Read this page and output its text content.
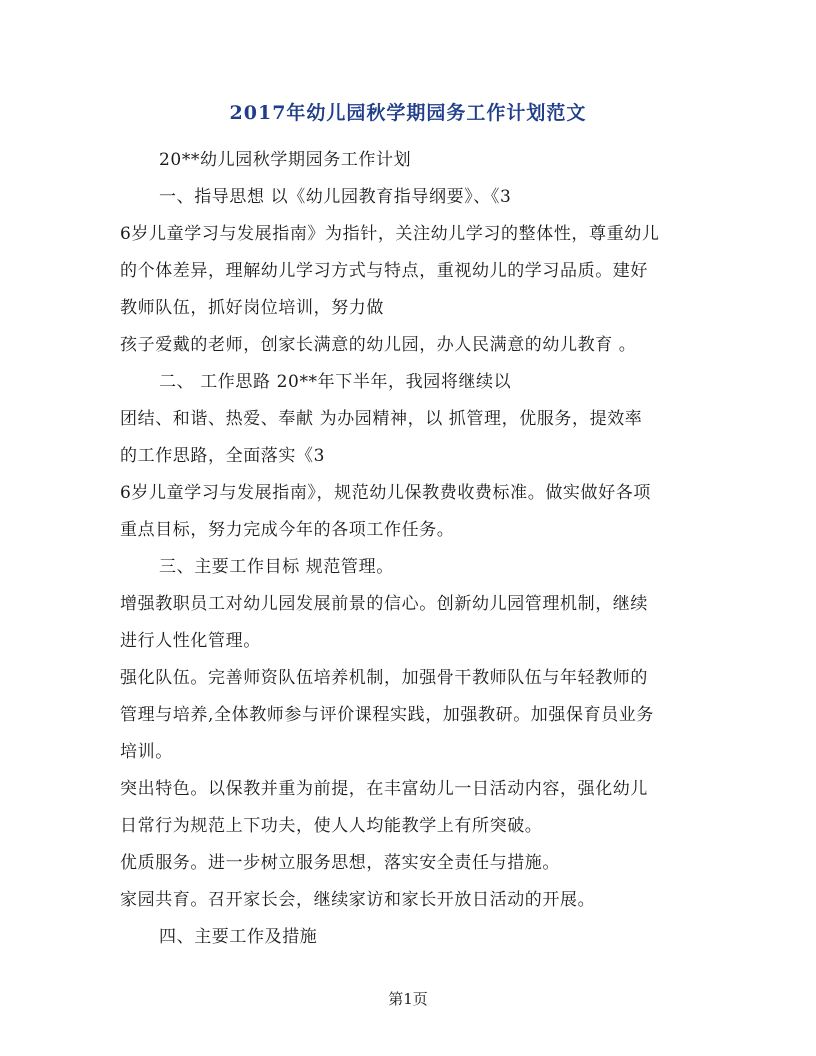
2017年幼儿园秋学期园务工作计划范文
20**幼儿园秋学期园务工作计划
一、指导思想 以《幼儿园教育指导纲要》、《3
6岁儿童学习与发展指南》为指针，关注幼儿学习的整体性，尊重幼儿
的个体差异，理解幼儿学习方式与特点，重视幼儿的学习品质。建好
教师队伍，抓好岗位培训，努力做
孩子爱戴的老师，创家长满意的幼儿园，办人民满意的幼儿教育 。
二、 工作思路 20**年下半年，我园将继续以
团结、和谐、热爱、奉献 为办园精神，以 抓管理，优服务，提效率
的工作思路，全面落实《3
6岁儿童学习与发展指南》，规范幼儿保教费收费标准。做实做好各项
重点目标，努力完成今年的各项工作任务。
三、主要工作目标 规范管理。
增强教职员工对幼儿园发展前景的信心。创新幼儿园管理机制，继续
进行人性化管理。
强化队伍。完善师资队伍培养机制，加强骨干教师队伍与年轻教师的
管理与培养,全体教师参与评价课程实践，加强教研。加强保育员业务
培训。
突出特色。以保教并重为前提，在丰富幼儿一日活动内容，强化幼儿
日常行为规范上下功夫，使人人均能教学上有所突破。
优质服务。进一步树立服务思想，落实安全责任与措施。
家园共育。召开家长会，继续家访和家长开放日活动的开展。
四、主要工作及措施
第1页
